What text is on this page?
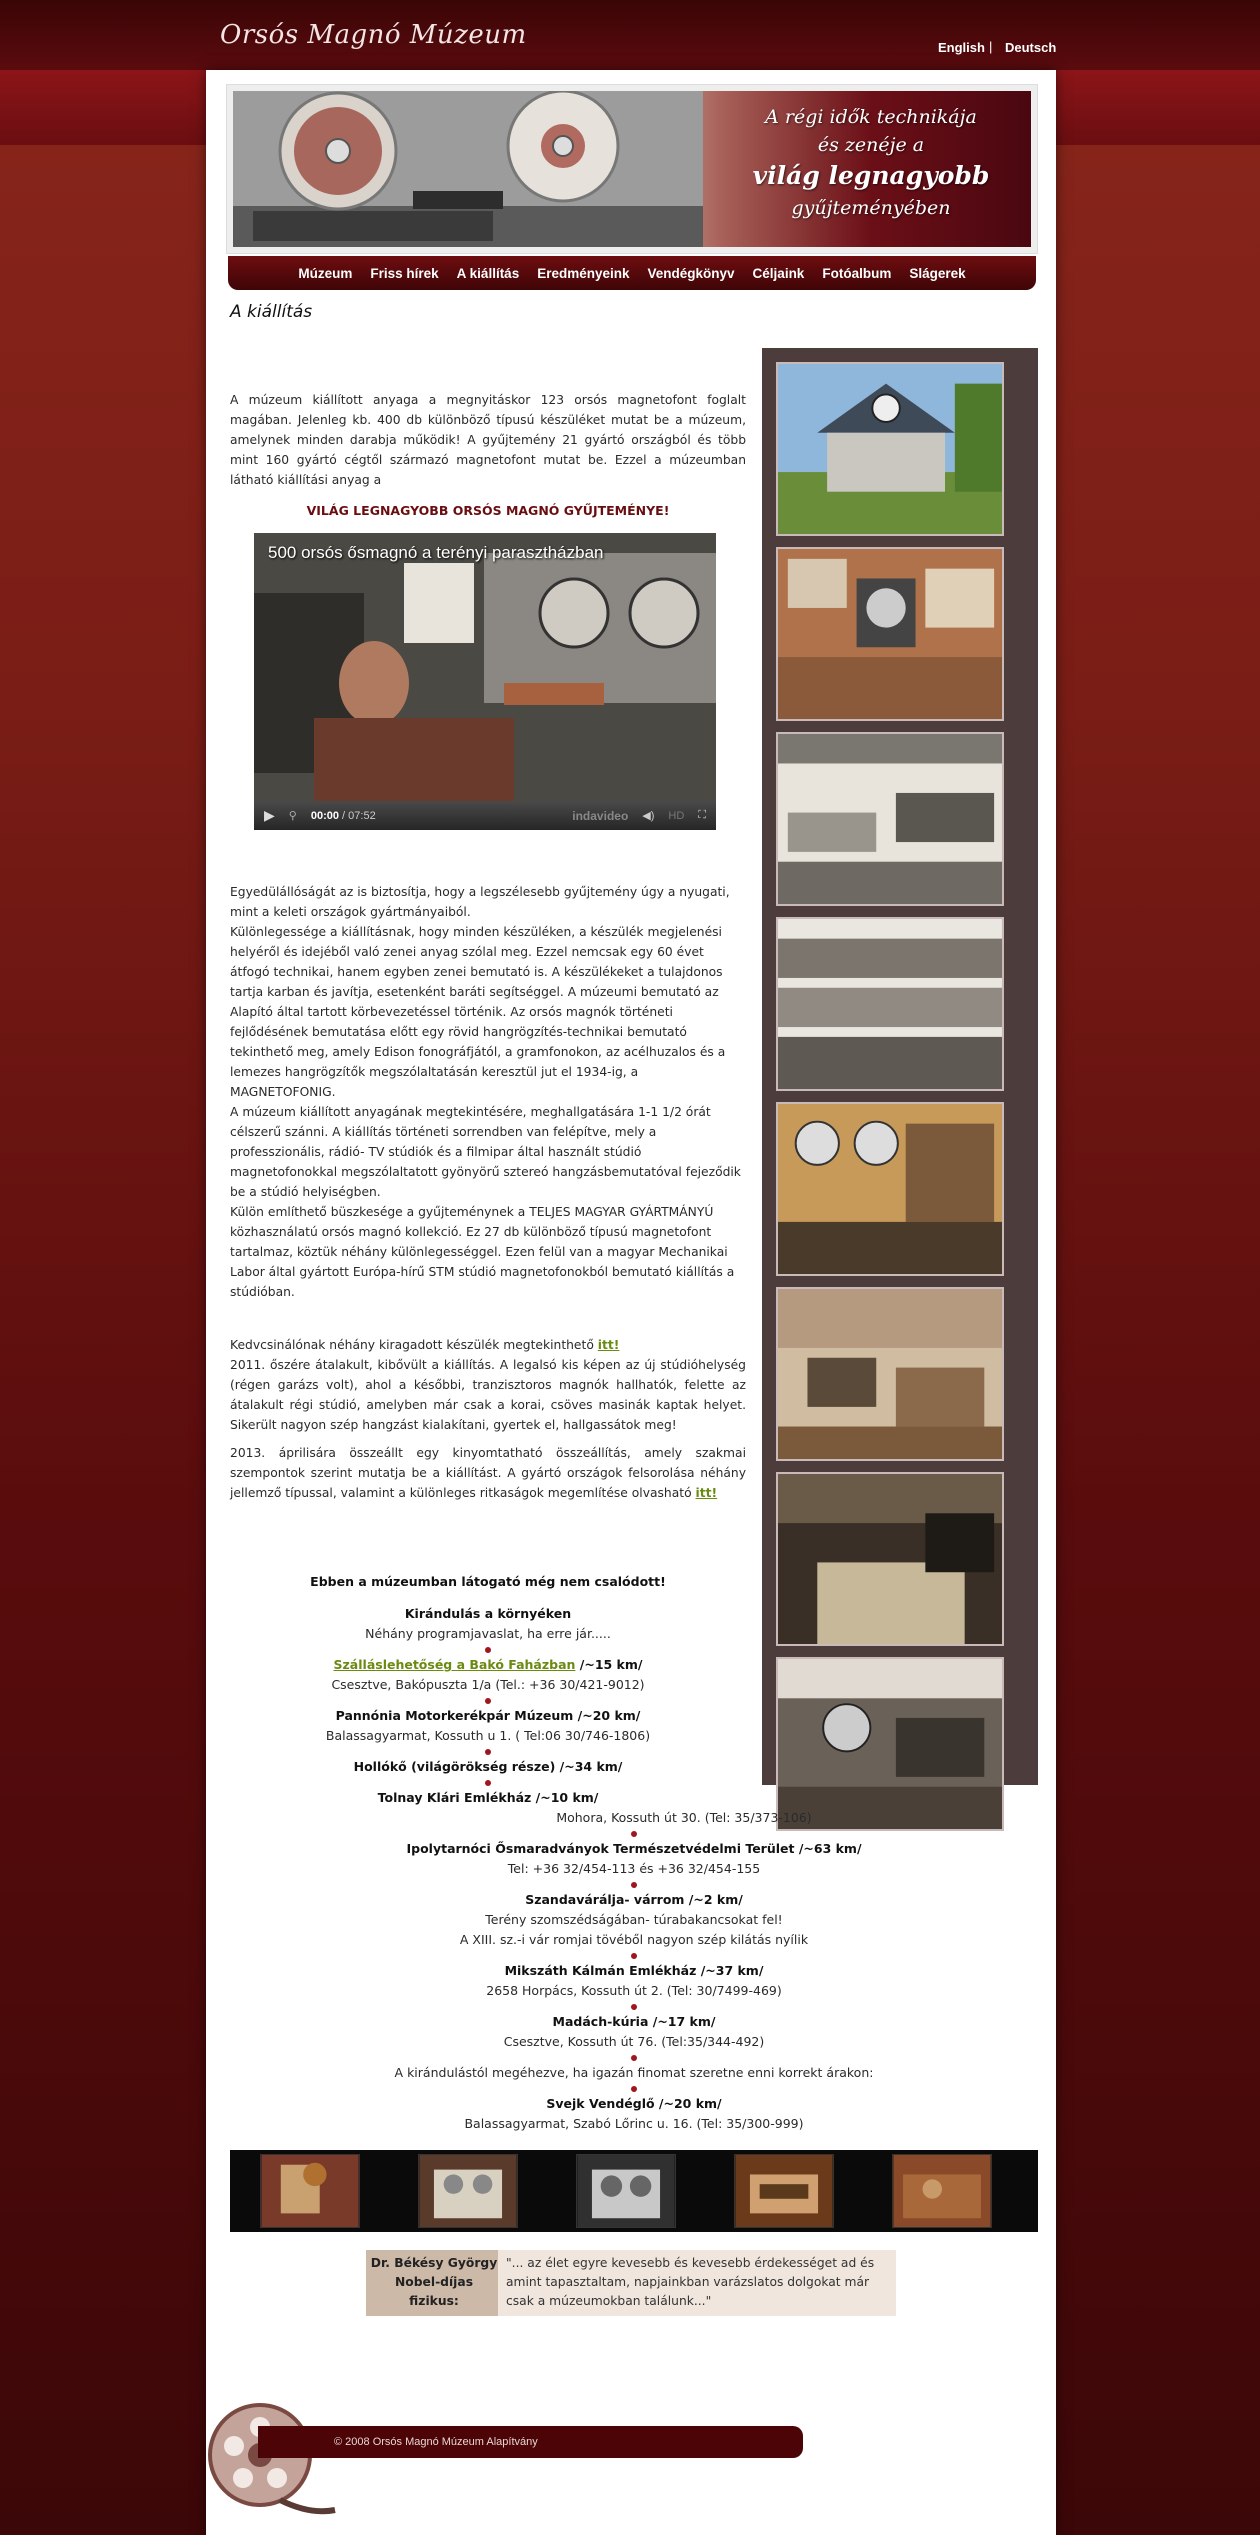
Orsós Magnó Múzeum	English | Deutsch
A régi idők technikája
és zenéje a
világ legnagyobb
gyűjteményében
Múzeum Friss hírek A kiállítás Eredményeink Vendégkönyv Céljaink Fotóalbum Slágerek
A kiállítás

A múzeum kiállított anyaga a megnyitáskor 123 orsós magnetofont foglalt magában. Jelenleg kb. 400 db különböző típusú készüléket mutat be a múzeum, amelynek minden darabja működik! A gyűjtemény 21 gyártó országból és több mint 160 gyártó cégtől származó magnetofont mutat be. Ezzel a múzeumban látható kiállítási anyag a

VILÁG LEGNAGYOBB ORSÓS MAGNÓ GYŰJTEMÉNYE!
500 orsós ősmagnó a terényi parasztházban
▶ ⚲ 00:00 / 07:52	indavideo ◀) HD ⛶

Egyedülállóságát az is biztosítja, hogy a legszélesebb gyűjtemény úgy a nyugati, mint a keleti országok gyártmányaiból.

Különlegessége a kiállításnak, hogy minden készüléken, a készülék megjelenési helyéről és idejéből való zenei anyag szólal meg. Ezzel nemcsak egy 60 évet átfogó technikai, hanem egyben zenei bemutató is. A készülékeket a tulajdonos tartja karban és javítja, esetenként baráti segítséggel. A múzeumi bemutató az Alapító által tartott körbevezetéssel történik. Az orsós magnók történeti fejlődésének bemutatása előtt egy rövid hangrögzítés-technikai bemutató tekinthető meg, amely Edison fonográfjától, a gramfonokon, az acélhuzalos és a lemezes hangrögzítők megszólaltatásán keresztül jut el 1934-ig, a MAGNETOFONIG.

A múzeum kiállított anyagának megtekintésére, meghallgatására 1-1 1/2 órát célszerű szánni. A kiállítás történeti sorrendben van felépítve, mely a professzionális, rádió- TV stúdiók és a filmipar által használt stúdió magnetofonokkal megszólaltatott gyönyörű sztereó hangzásbemutatóval fejeződik be a stúdió helyiségben.

Külön említhető büszkesége a gyűjteménynek a TELJES MAGYAR GYÁRTMÁNYÚ közhasználatú orsós magnó kollekció. Ez 27 db különböző típusú magnetofont tartalmaz, köztük néhány különlegességgel. Ezen felül van a magyar Mechanikai Labor által gyártott Európa-hírű STM stúdió magnetofonokból bemutató kiállítás a stúdióban.

Kedvcsinálónak néhány kiragadott készülék megtekinthető itt!

2011. őszére átalakult, kibővült a kiállítás. A legalsó kis képen az új stúdióhelység (régen garázs volt), ahol a későbbi, tranzisztoros magnók hallhatók, felette az átalakult régi stúdió, amelyben már csak a korai, csöves masinák kaptak helyet. Sikerült nagyon szép hangzást kialakítani, gyertek el, hallgassátok meg!

2013. áprilisára összeállt egy kinyomtatható összeállítás, amely szakmai szempontok szerint mutatja be a kiállítást. A gyártó országok felsorolása néhány jellemző típussal, valamint a különleges ritkaságok megemlítése olvasható itt!

Ebben a múzeumban látogató még nem csalódott!
Kirándulás a környéken
Néhány programjavaslat, ha erre jár.....
Szálláslehetőség a Bakó Faházban /~15 km/
Csesztve, Bakópuszta 1/a (Tel.: +36 30/421-9012)
Pannónia Motorkerékpár Múzeum /~20 km/
Balassagyarmat, Kossuth u 1. ( Tel:06 30/746-1806)
Hollókő (világörökség része) /~34 km/
Tolnay Klári Emlékház /~10 km/
Mohora, Kossuth út 30. (Tel: 35/373-106)
Ipolytarnóci Ősmaradványok Természetvédelmi Terület /~63 km/
Tel: +36 32/454-113 és +36 32/454-155
Szandavárálja- várrom /~2 km/
Terény szomszédságában- túrabakancsokat fel!
A XIII. sz.-i vár romjai tövéből nagyon szép kilátás nyílik
Mikszáth Kálmán Emlékház /~37 km/
2658 Horpács, Kossuth út 2. (Tel: 30/7499-469)
Madách-kúria /~17 km/
Csesztve, Kossuth út 76. (Tel:35/344-492)
A kirándulástól megéhezve, ha igazán finomat szeretne enni korrekt árakon:
Svejk Vendéglő /~20 km/
Balassagyarmat, Szabó Lőrinc u. 16. (Tel: 35/300-999)
Dr. Békésy György Nobel-díjas fizikus:
"... az élet egyre kevesebb és kevesebb érdekességet ad és amint tapasztaltam, napjainkban varázslatos dolgokat már csak a múzeumokban találunk..."
© 2008 Orsós Magnó Múzeum Alapítvány
